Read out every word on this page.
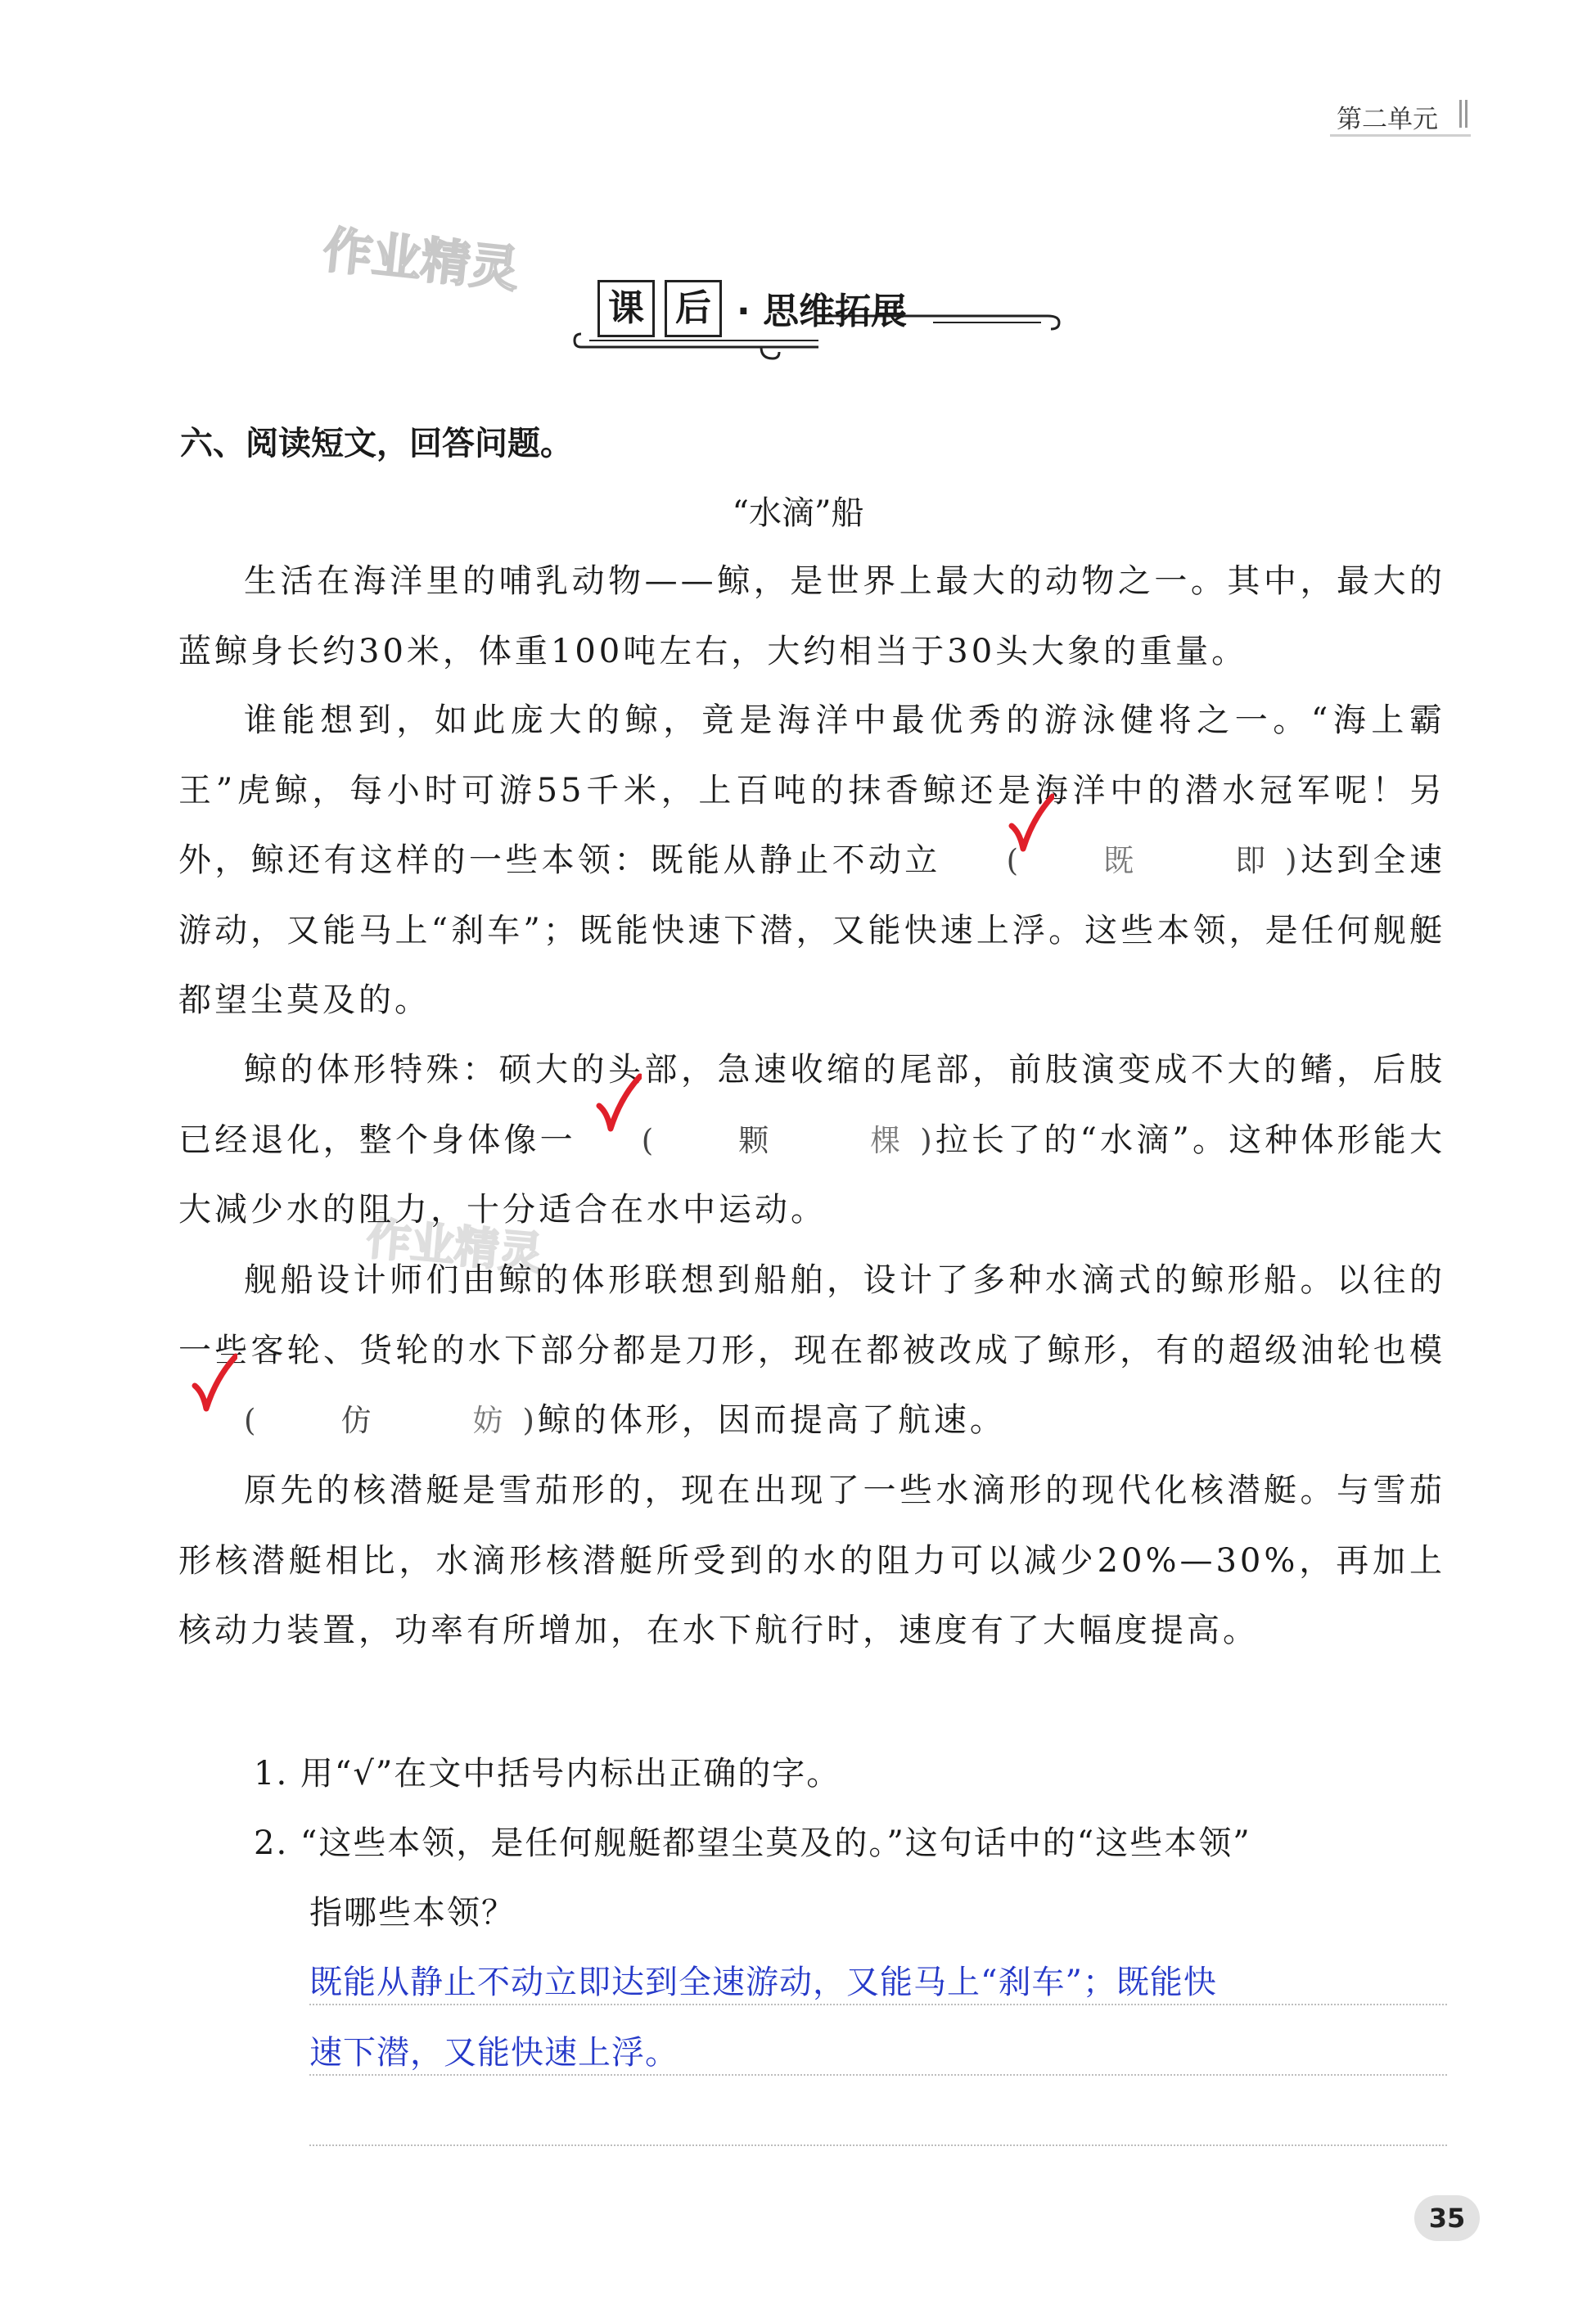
第二单元
作业精灵
作业精灵
课 后 · 思维拓展
六、阅读短文，回答问题。
“水滴”船

生活在海洋里的哺乳动物——鲸，是世界上最大的动物之一。其中，最大的蓝鲸身长约30米，体重100吨左右，大约相当于30头大象的重量。

谁能想到，如此庞大的鲸，竟是海洋中最优秀的游泳健将之一。“海上霸王”虎鲸，每小时可游55千米，上百吨的抹香鲸还是海洋中的潜水冠军呢！另外，鲸还有这样的一些本领：既能从静止不动立 (	既	即 )
达到全速游动，又能马上“刹车”；既能快速下潜，又能快速上浮。这些本领，是任何舰艇都望尘莫及的。

鲸的体形特殊：硕大的头部，急速收缩的尾部，前肢演变成不大的鳍，后肢已经退化，整个身体像一 (	颗	棵 )
拉长了的“水滴”。这种体形能大大减少水的阻力，十分适合在水中运动。

舰船设计师们由鲸的体形联想到船舶，设计了多种水滴式的鲸形船。以往的一些客轮、货轮的水下部分都是刀形，现在都被改成了鲸形，有的超级油轮也模(	仿	妨 )
鲸的体形，因而提高了航速。

原先的核潜艇是雪茄形的，现在出现了一些水滴形的现代化核潜艇。与雪茄形核潜艇相比，水滴形核潜艇所受到的水的阻力可以减少20%—30%，再加上核动力装置，功率有所增加，在水下航行时，速度有了大幅度提高。

1. 用“√”在文中括号内标出正确的字。
2. “这些本领，是任何舰艇都望尘莫及的。”这句话中的“这些本领”
指哪些本领？
既能从静止不动立即达到全速游动，又能马上“刹车”；既能快
速下潜，又能快速上浮。
35
